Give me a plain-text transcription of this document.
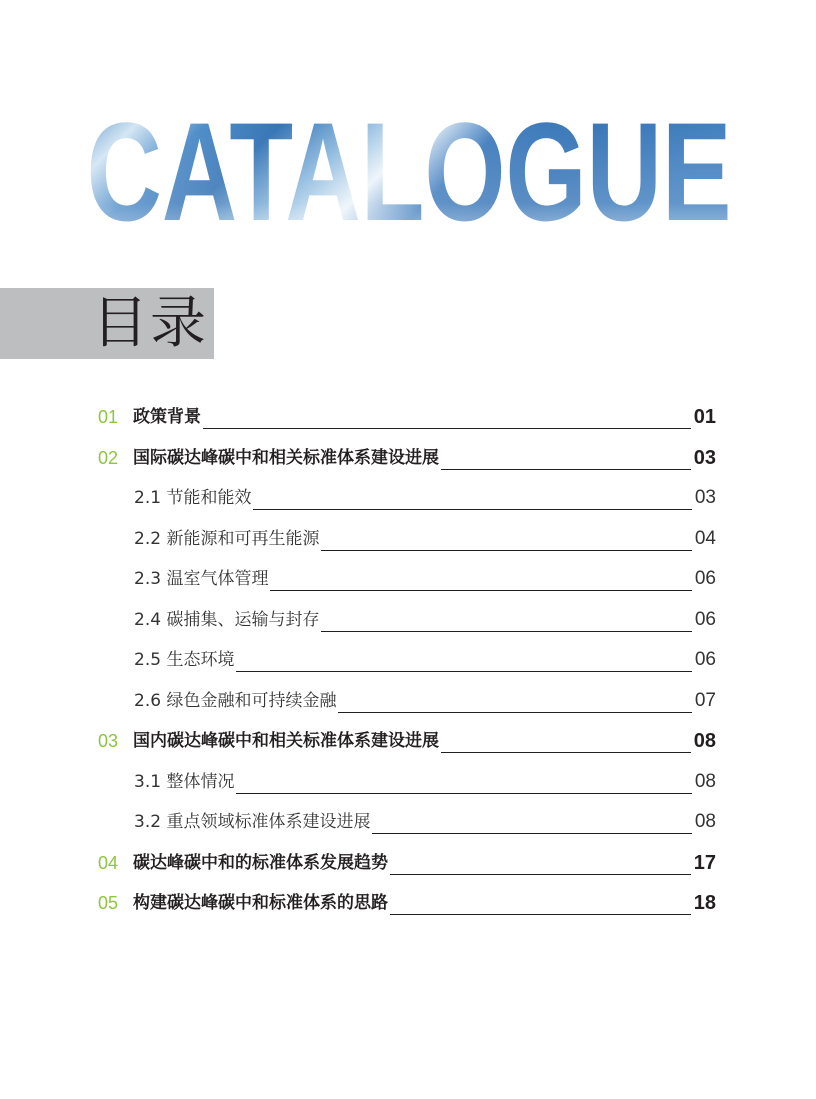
CATALOGUE
CATALOGUE
目录
01 政策背景	01
02 国际碳达峰碳中和相关标准体系建设进展	03
2.1 节能和能效	03
2.2 新能源和可再生能源	04
2.3 温室气体管理	06
2.4 碳捕集、运输与封存	06
2.5 生态环境	06
2.6 绿色金融和可持续金融	07
03 国内碳达峰碳中和相关标准体系建设进展	08
3.1 整体情况	08
3.2 重点领域标准体系建设进展	08
04 碳达峰碳中和的标准体系发展趋势	17
05 构建碳达峰碳中和标准体系的思路	18
